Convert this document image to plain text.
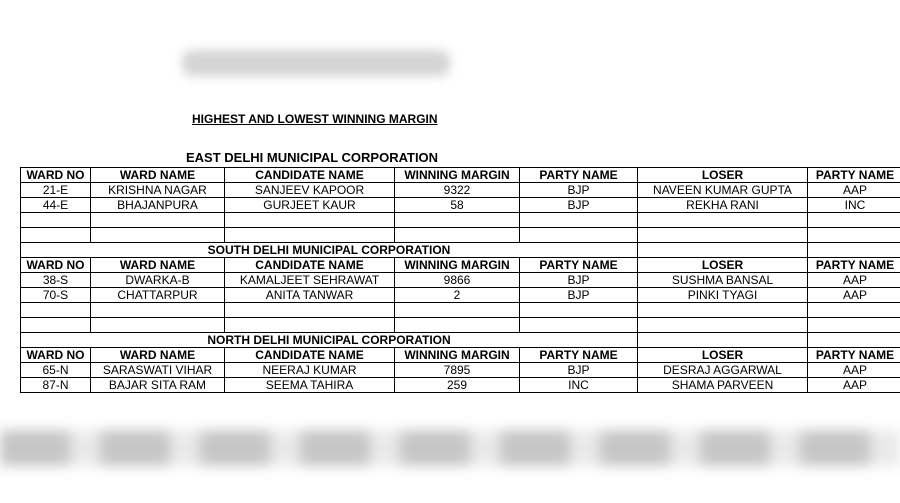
HIGHEST AND LOWEST WINNING MARGIN
EAST DELHI MUNICIPAL CORPORATION
WARD NO	WARD NAME	CANDIDATE NAME	WINNING MARGIN	PARTY NAME	LOSER	PARTY NAME
21-E	KRISHNA NAGAR	SANJEEV KAPOOR	9322	BJP	NAVEEN KUMAR GUPTA	AAP
44-E	BHAJANPURA	GURJEET KAUR	58	BJP	REKHA RANI	INC

SOUTH DELHI MUNICIPAL CORPORATION						
WARD NO	WARD NAME	CANDIDATE NAME	WINNING MARGIN	PARTY NAME	LOSER	PARTY NAME
38-S	DWARKA-B	KAMALJEET SEHRAWAT	9866	BJP	SUSHMA BANSAL	AAP
70-S	CHATTARPUR	ANITA TANWAR	2	BJP	PINKI TYAGI	AAP

NORTH DELHI MUNICIPAL CORPORATION						
WARD NO	WARD NAME	CANDIDATE NAME	WINNING MARGIN	PARTY NAME	LOSER	PARTY NAME
65-N	SARASWATI VIHAR	NEERAJ KUMAR	7895	BJP	DESRAJ AGGARWAL	AAP
87-N	BAJAR SITA RAM	SEEMA TAHIRA	259	INC	SHAMA PARVEEN	AAP
